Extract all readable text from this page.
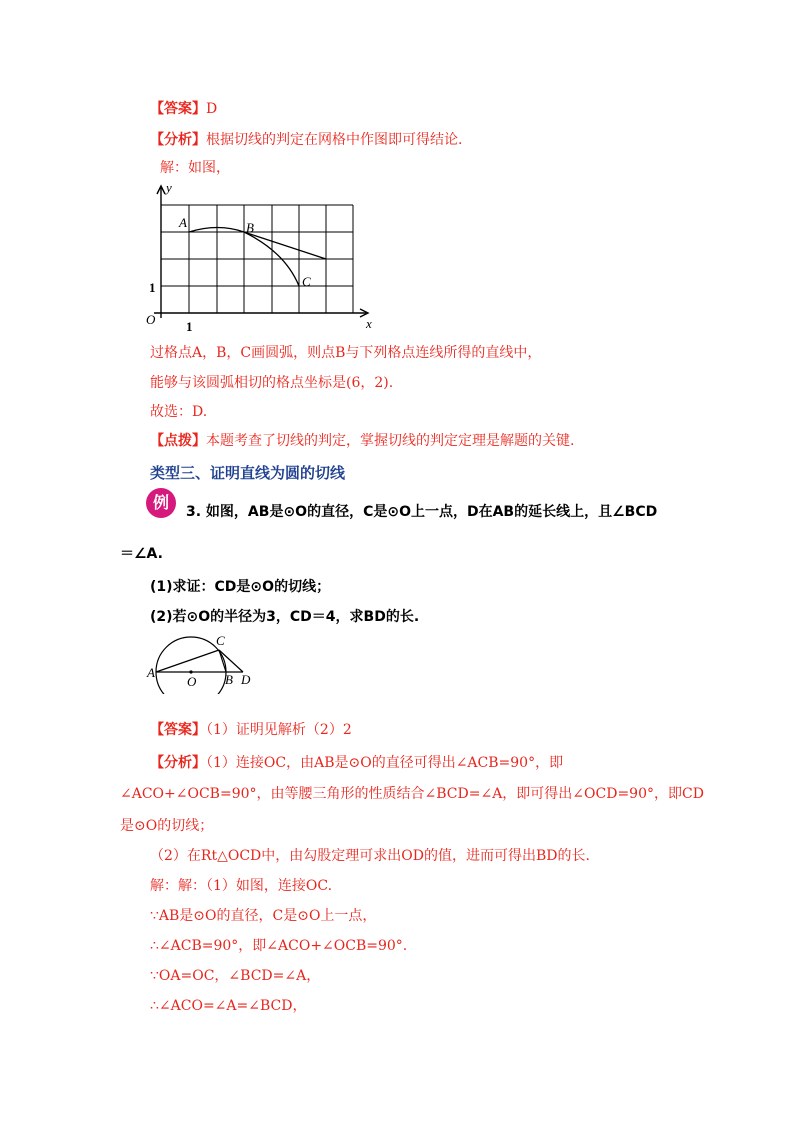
【答案】D
【分析】根据切线的判定在网格中作图即可得结论.
解：如图，
y
x
O 1
1
A	B
C
过格点A，B，C画圆弧，则点B与下列格点连线所得的直线中，
能够与该圆弧相切的格点坐标是(6，2).
故选：D.
【点拨】本题考查了切线的判定，掌握切线的判定定理是解题的关键.
类型三、证明直线为圆的切线
例	3. 如图，AB是⊙O的直径，C是⊙O上一点，D在AB的延长线上，且∠BCD
＝∠A.
(1)求证：CD是⊙O的切线；
(2)若⊙O的半径为3，CD＝4，求BD的长.
A
O B
C
D
【答案】（1）证明见解析（2）2
【分析】（1）连接OC，由AB是⊙O的直径可得出∠ACB=90°，即
∠ACO+∠OCB=90°，由等腰三角形的性质结合∠BCD=∠A，即可得出∠OCD=90°，即CD
是⊙O的切线；
（2）在Rt△OCD中，由勾股定理可求出OD的值，进而可得出BD的长.
解：解：（1）如图，连接OC.
∵AB是⊙O的直径，C是⊙O上一点，
∴∠ACB=90°，即∠ACO+∠OCB=90°.
∵OA=OC，∠BCD=∠A，
∴∠ACO=∠A=∠BCD，
